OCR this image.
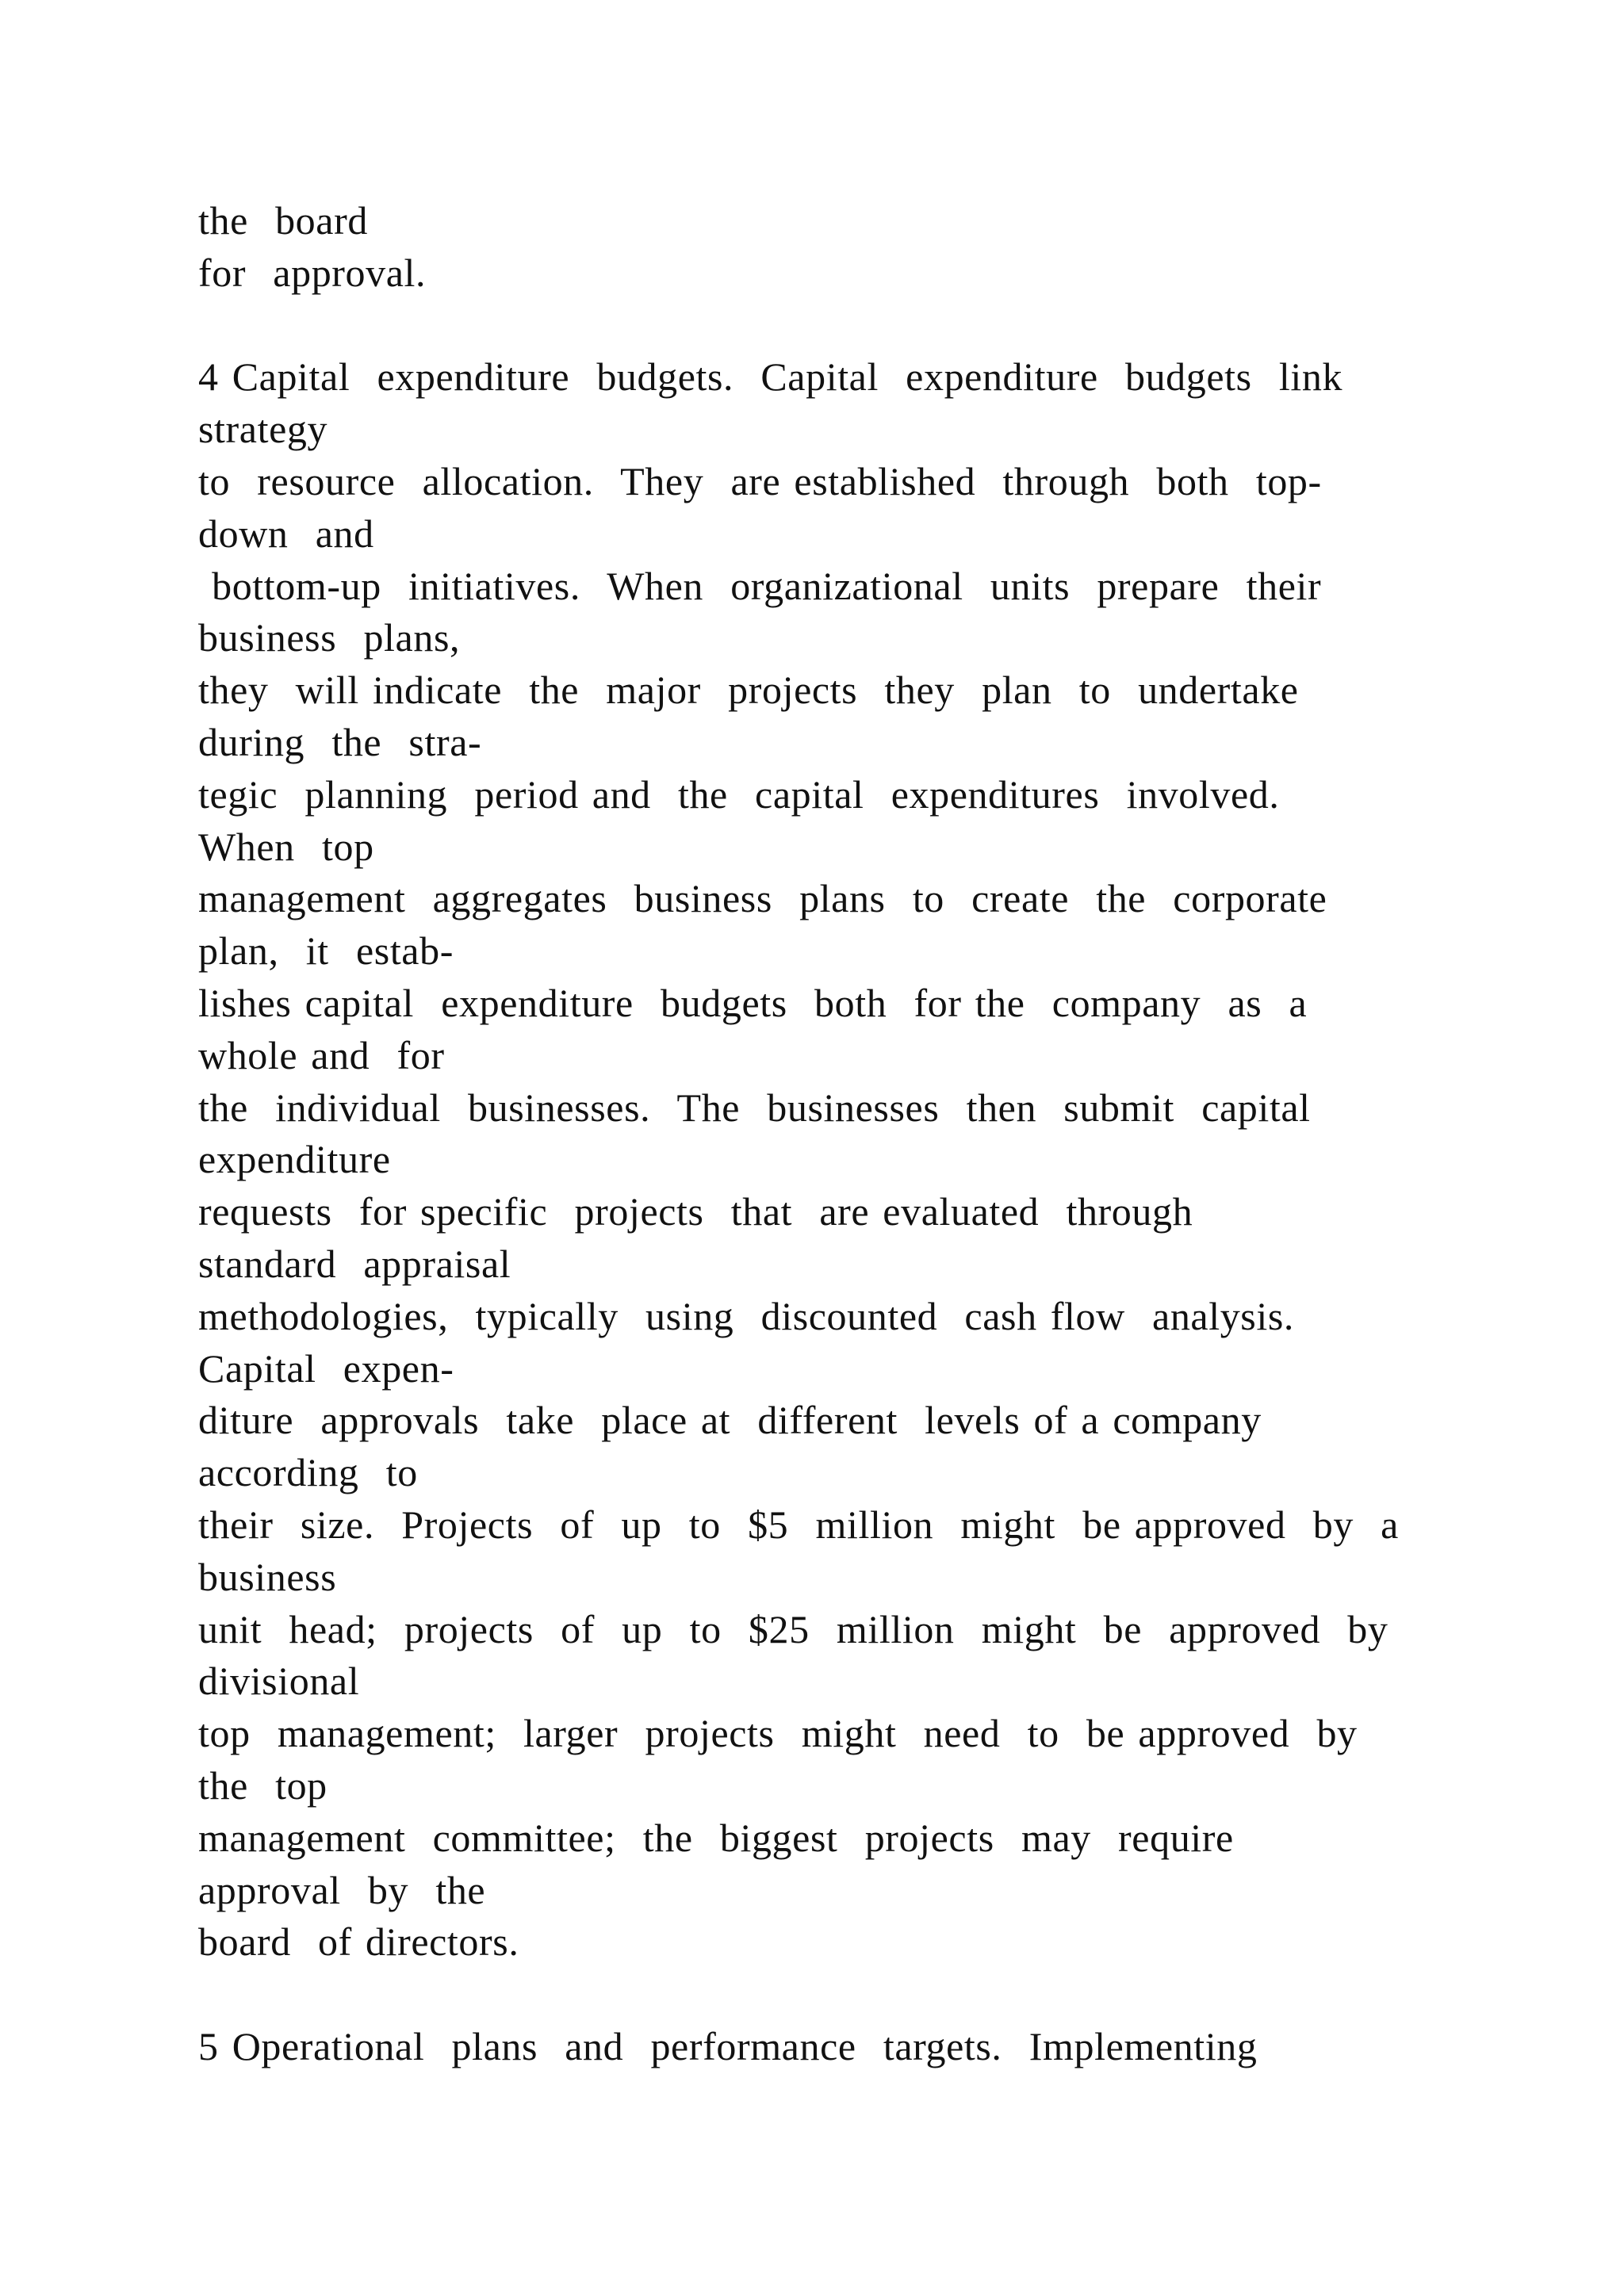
the  board
for  approval.
4 Capital  expenditure  budgets.  Capital  expenditure  budgets  link
strategy
to  resource  allocation.  They  are established  through  both  top-
down  and
bottom-up  initiatives.  When  organizational  units  prepare  their
business  plans,
they  will indicate  the  major  projects  they  plan  to  undertake
during  the  stra-
tegic  planning  period and  the  capital  expenditures  involved.
When  top
management  aggregates  business  plans  to  create  the  corporate
plan,  it  estab-
lishes capital  expenditure  budgets  both  for the  company  as  a
whole and  for
the  individual  businesses.  The  businesses  then  submit  capital
expenditure
requests  for specific  projects  that  are evaluated  through
standard  appraisal
methodologies,  typically  using  discounted  cash flow  analysis.
Capital  expen-
diture  approvals  take  place at  different  levels of a company
according  to
their  size.  Projects  of  up  to  $5  million  might  be approved  by  a
business
unit  head;  projects  of  up  to  $25  million  might  be  approved  by
divisional
top  management;  larger  projects  might  need  to  be approved  by
the  top
management  committee;  the  biggest  projects  may  require
approval  by  the
board  of directors.
5 Operational  plans  and  performance  targets.  Implementing
